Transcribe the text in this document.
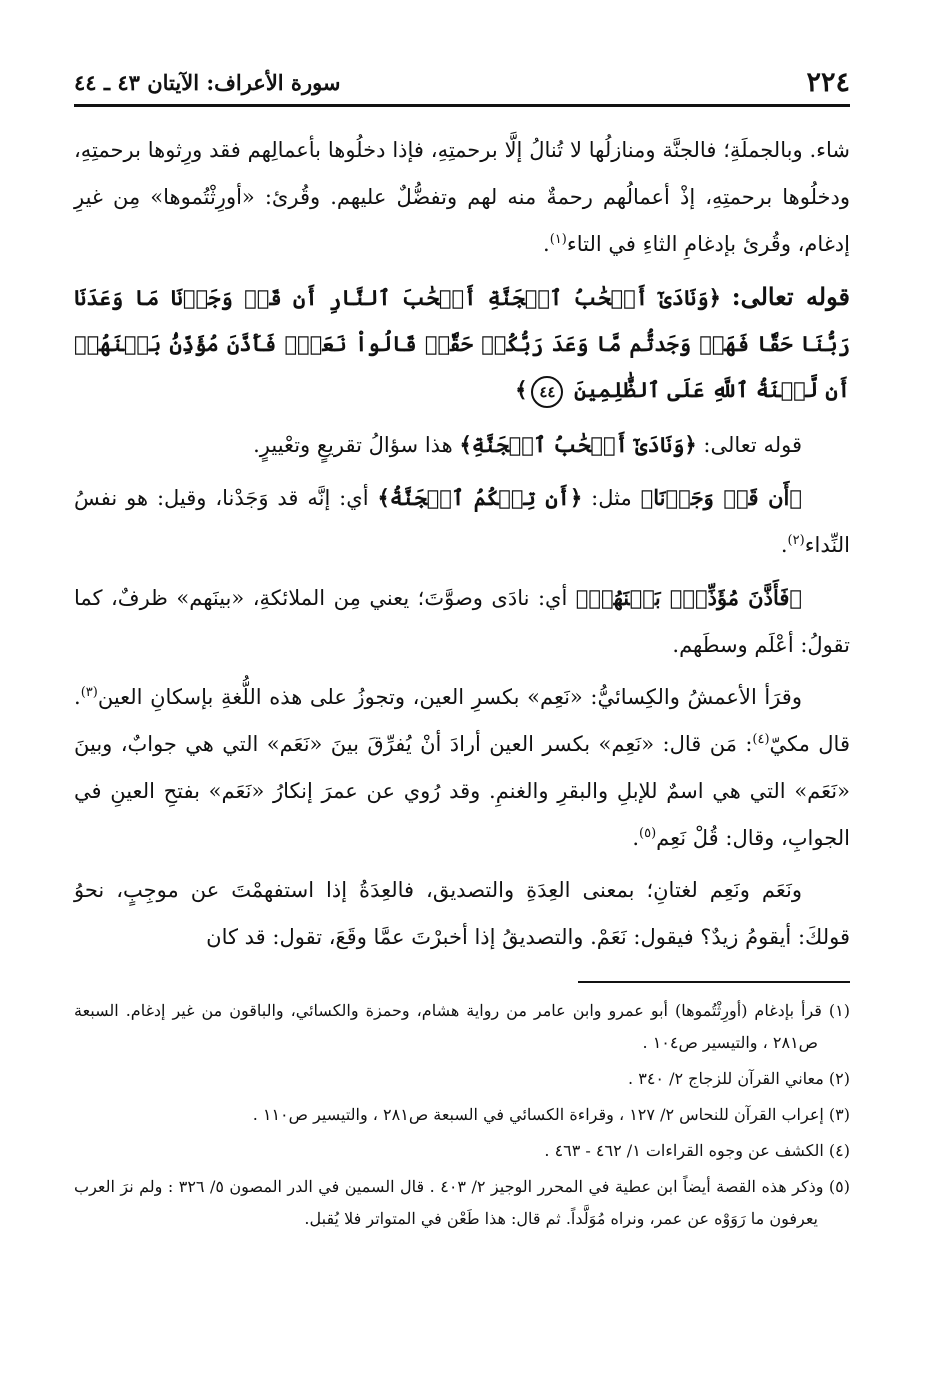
٢٢٤
سورة الأعراف: الآيتان ٤٣ ـ ٤٤

شاء. وبالجملَةِ؛ فالجنَّة ومنازلُها لا تُنالُ إلَّا برحمتِهِ، فإذا دخلُوها بأعمالِهم فقد ورِثوها برحمتِهِ، ودخلُوها برحمتِهِ، إذْ أعمالُهم رحمةٌ منه لهم وتفضُّلٌ عليهم. وقُرئ: «أورِثْتُموها» مِن غيرِ إدغام، وقُرئ بإدغامِ الثاءِ في التاء$^{(١)}$.

قوله تعالى: ﴿وَنَادَىٰٓ أَصۡحَٰبُ ٱلۡجَنَّةِ أَصۡحَٰبَ ٱلنَّارِ أَن قَدۡ وَجَدۡنَا مَا وَعَدَنَا رَبُّنَا حَقّٗا فَهَلۡ وَجَدتُّم مَّا وَعَدَ رَبُّكُمۡ حَقّٗاۖ قَالُواْ نَعَمۡۚ فَأَذَّنَ مُؤَذِّنُۢ بَيۡنَهُمۡ أَن لَّعۡنَةُ ٱللَّهِ عَلَى ٱلظَّٰلِمِينَ ٤٤﴾

قوله تعالى: ﴿وَنَادَىٰٓ أَصۡحَٰبُ ٱلۡجَنَّةِ﴾ هذا سؤالُ تقريعٍ وتعْييرٍ.

﴿أَن قَدۡ وَجَدۡنَا﴾ مثل: ﴿أَن تِلۡكُمُ ٱلۡجَنَّةُ﴾ أي: إنَّه قد وَجَدْنا، وقيل: هو نفسُ النِّداء$^{(٢)}$.

﴿فَأَذَّنَ مُؤَذِّنُۢ بَيۡنَهُمۡ﴾ أي: نادَى وصوَّتَ؛ يعني مِن الملائكةِ، «بينَهم» ظرفٌ، كما تقولُ: أعْلَم وسطَهم.

وقرَأ الأعمشُ والكِسائيُّ: «نَعِم» بكسرِ العين، وتجوزُ على هذه اللُّغةِ بإسكانِ العين$^{(٣)}$. قال مكيّ$^{(٤)}$: مَن قال: «نَعِم» بكسر العين أرادَ أنْ يُفرِّقَ بينَ «نَعَم» التي هي جوابٌ، وبينَ «نَعَم» التي هي اسمٌ للإبلِ والبقرِ والغنمِ. وقد رُوي عن عمرَ إنكارُ «نَعَم» بفتحِ العينِ في الجوابِ، وقال: قُلْ نَعِم$^{(٥)}$.

ونَعَم ونَعِم لغتانِ؛ بمعنى العِدَةِ والتصديق، فالعِدَةُ إذا استفهمْتَ عن موجِبٍ، نحوُ قولكَ: أيقومُ زيدٌ؟ فيقول: نَعَمْ. والتصديقُ إذا أخبرْتَ عمَّا وقَعَ، تقول: قد كان

(١) قرأ بإدغام (أورِثْتُموها) أبو عمرو وابن عامر من رواية هشام، وحمزة والكسائي، والباقون من غير إدغام. السبعة ص٢٨١ ، والتيسير ص١٠٤ .

(٢) معاني القرآن للزجاج ٢/ ٣٤٠ .

(٣) إعراب القرآن للنحاس ٢/ ١٢٧ ، وقراءة الكسائي في السبعة ص٢٨١ ، والتيسير ص١١٠ .

(٤) الكشف عن وجوه القراءات ١/ ٤٦٢ - ٤٦٣ .

(٥) وذكر هذه القصة أيضاً ابن عطية في المحرر الوجيز ٢/ ٤٠٣ . قال السمين في الدر المصون ٥/ ٣٢٦ : ولم نرَ العرب يعرفون ما رَوَوْه عن عمر، ونراه مُوَلَّداً. ثم قال: هذا طَعْن في المتواتر فلا يُقبل.
